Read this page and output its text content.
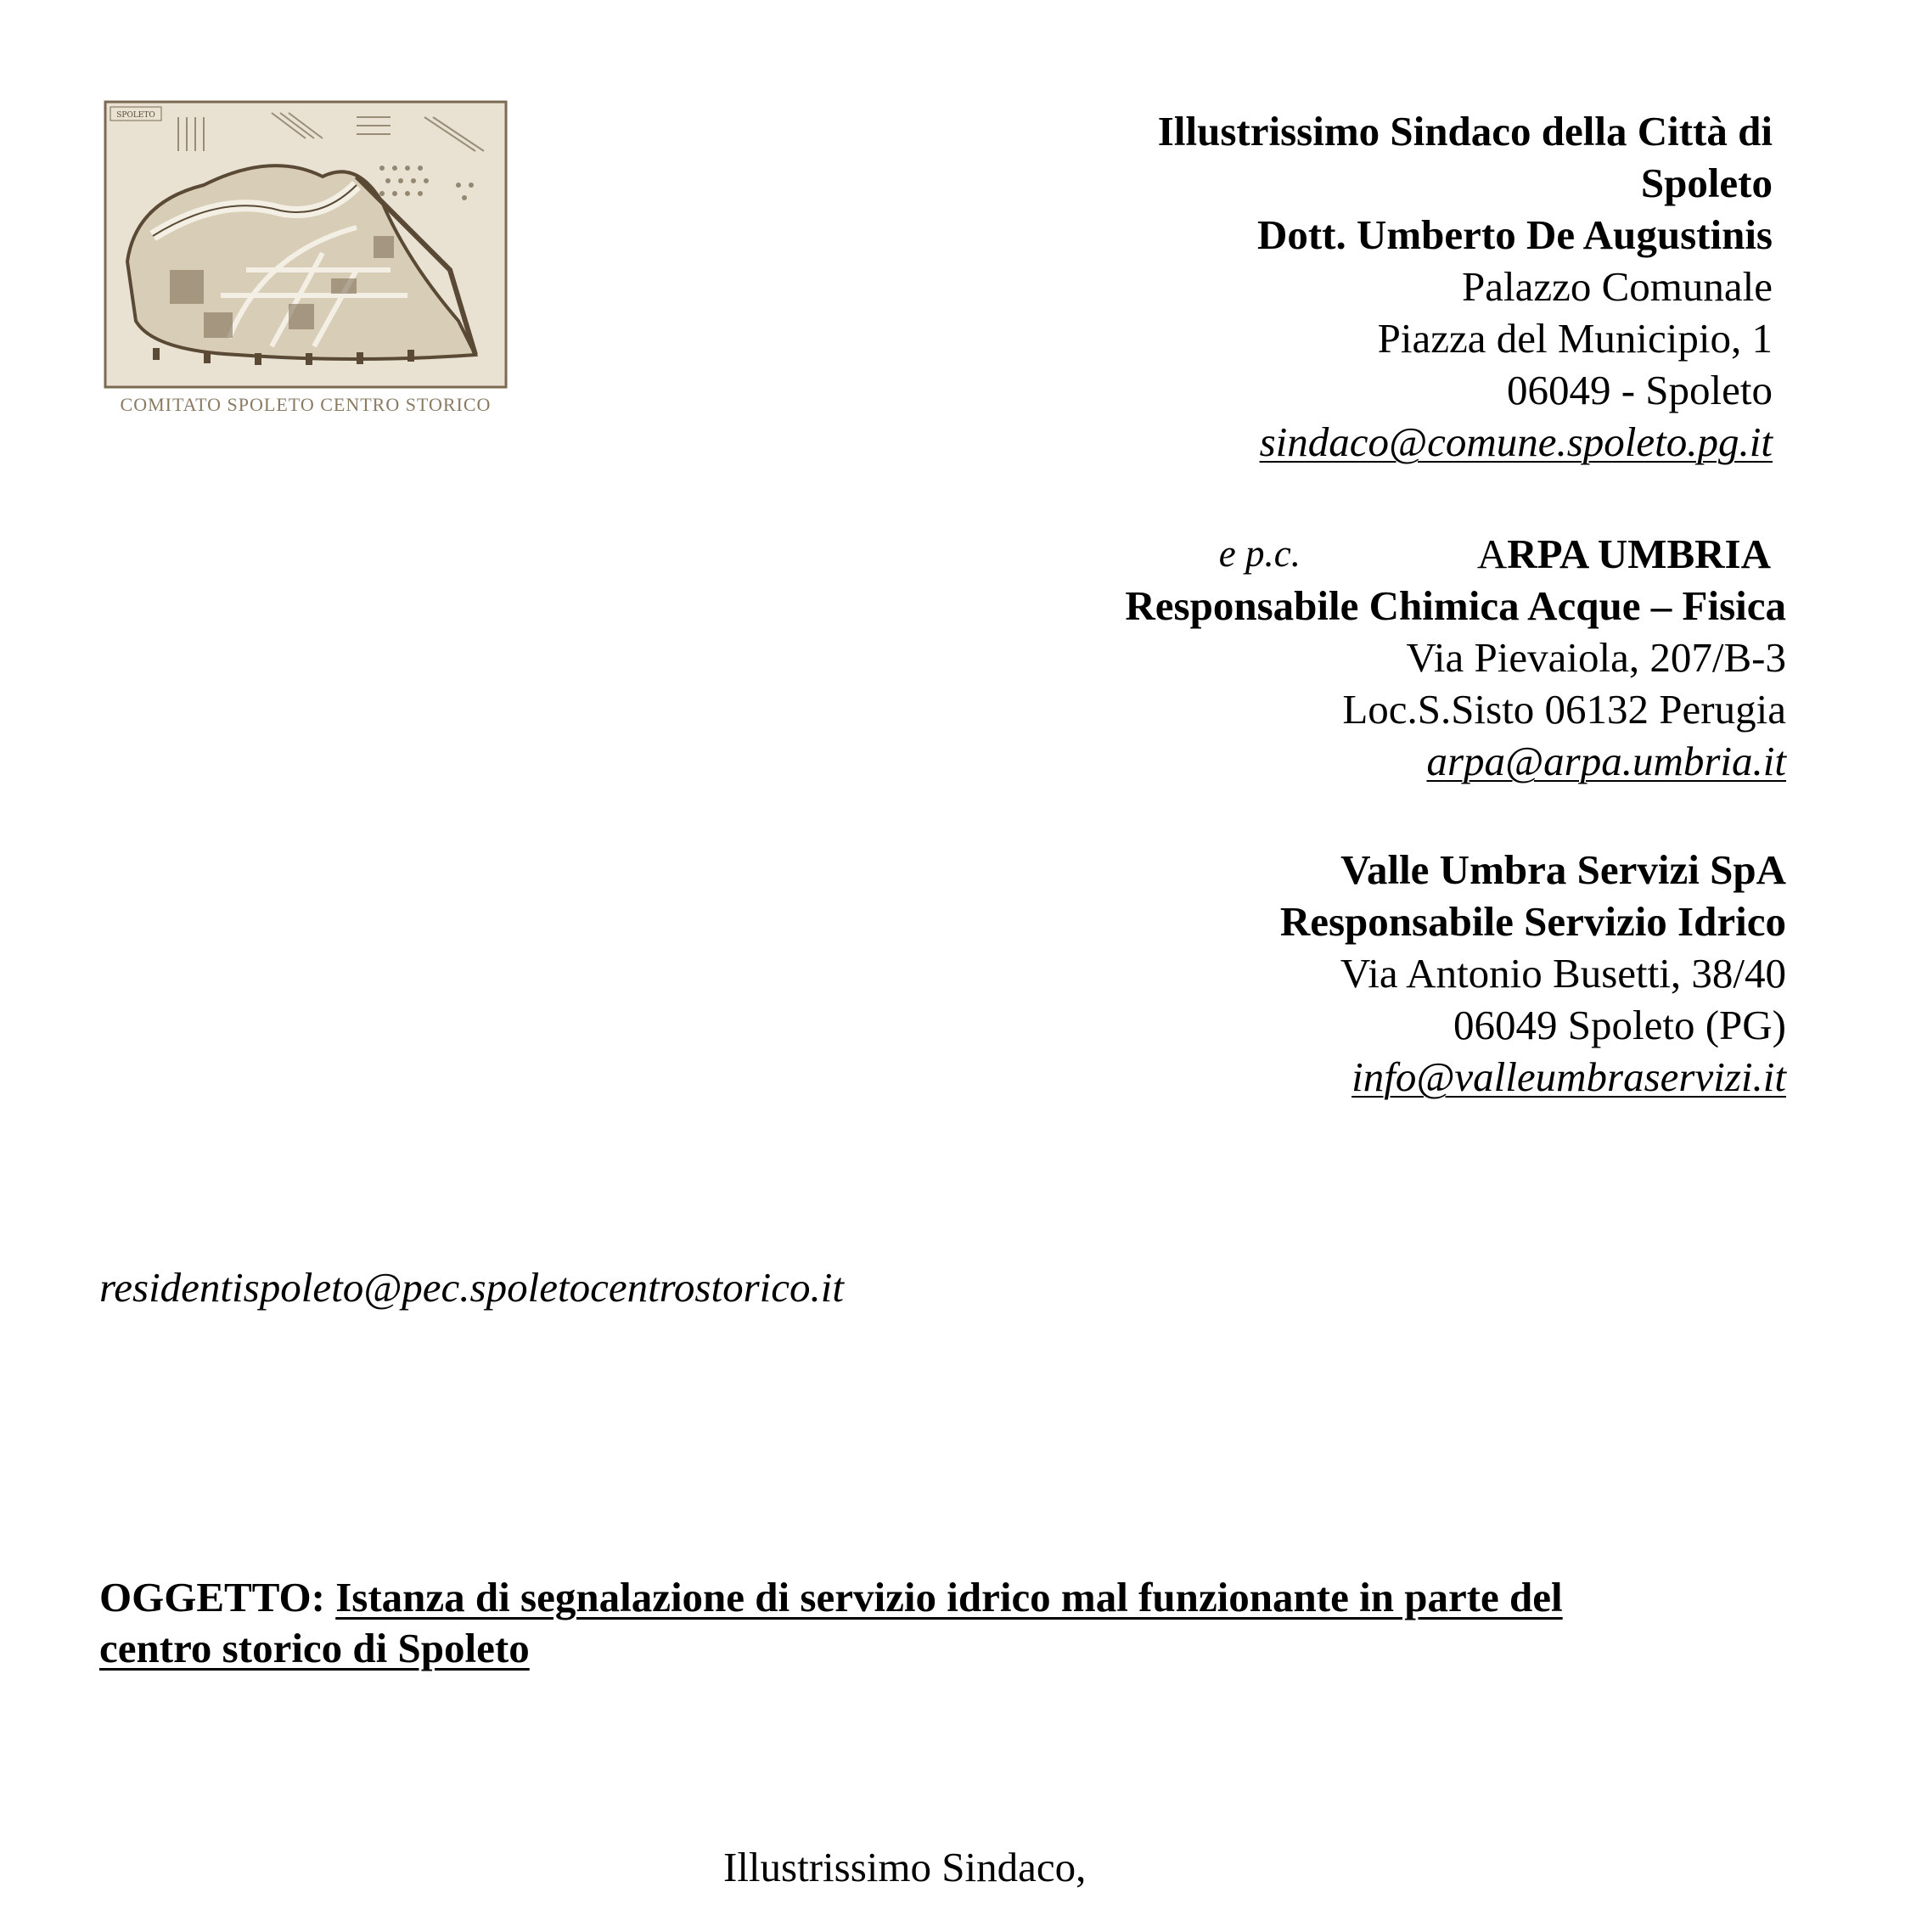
SPOLETO
COMITATO SPOLETO CENTRO STORICO
Illustrissimo Sindaco della Città di
Spoleto
Dott. Umberto De Augustinis
Palazzo Comunale
Piazza del Municipio, 1
06049 - Spoleto
sindaco@comune.spoleto.pg.it
e p.c.	ARPA UMBRIA
Responsabile Chimica Acque – Fisica
Via Pievaiola, 207/B-3
Loc.S.Sisto 06132 Perugia
arpa@arpa.umbria.it
Valle Umbra Servizi SpA
Responsabile Servizio Idrico
Via Antonio Busetti, 38/40
06049 Spoleto (PG)
info@valleumbraservizi.it
residentispoleto@pec.spoletocentrostorico.it
OGGETTO: Istanza di segnalazione di servizio idrico mal funzionante in parte del
centro storico di Spoleto
Illustrissimo Sindaco,
